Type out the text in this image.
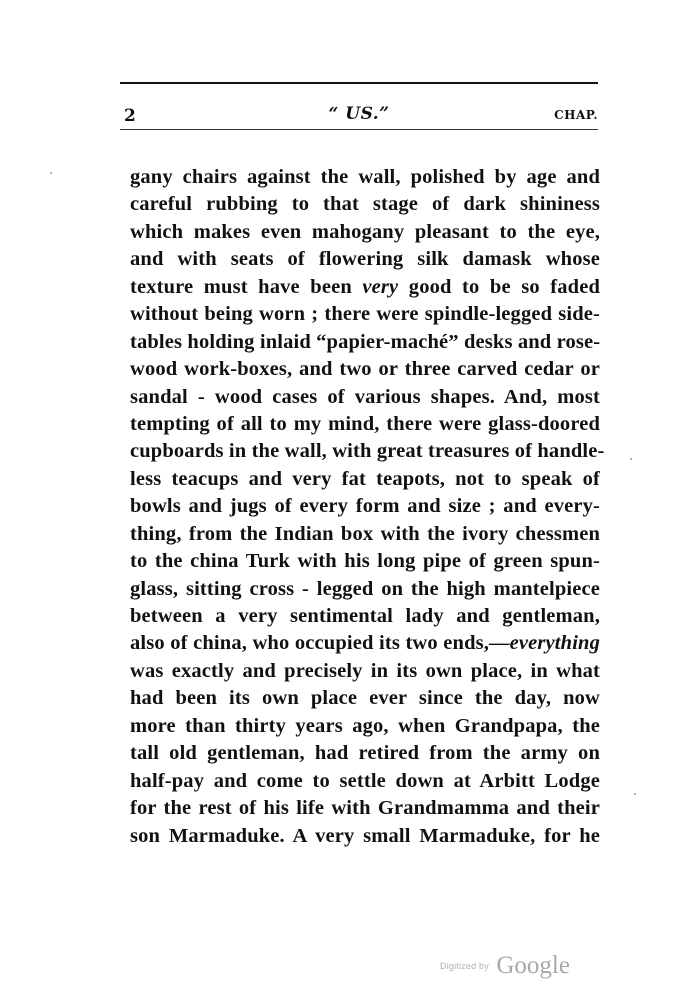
2	“ US.”	CHAP.
gany chairs against the wall, polished by age and
careful rubbing to that stage of dark shininess
which makes even mahogany pleasant to the eye,
and with seats of flowering silk damask whose
texture must have been very good to be so faded
without being worn ; there were spindle-legged side-
tables holding inlaid “papier-maché” desks and rose-
wood work-boxes, and two or three carved cedar or
sandal - wood cases of various shapes. And, most
tempting of all to my mind, there were glass-doored
cupboards in the wall, with great treasures of handle-
less teacups and very fat teapots, not to speak of
bowls and jugs of every form and size ; and every-
thing, from the Indian box with the ivory chessmen
to the china Turk with his long pipe of green spun-
glass, sitting cross - legged on the high mantelpiece
between a very sentimental lady and gentleman,
also of china, who occupied its two ends,—everything
was exactly and precisely in its own place, in what
had been its own place ever since the day, now
more than thirty years ago, when Grandpapa, the
tall old gentleman, had retired from the army on
half-pay and come to settle down at Arbitt Lodge
for the rest of his life with Grandmamma and their
son Marmaduke. A very small Marmaduke, for he
Digitized by Google
